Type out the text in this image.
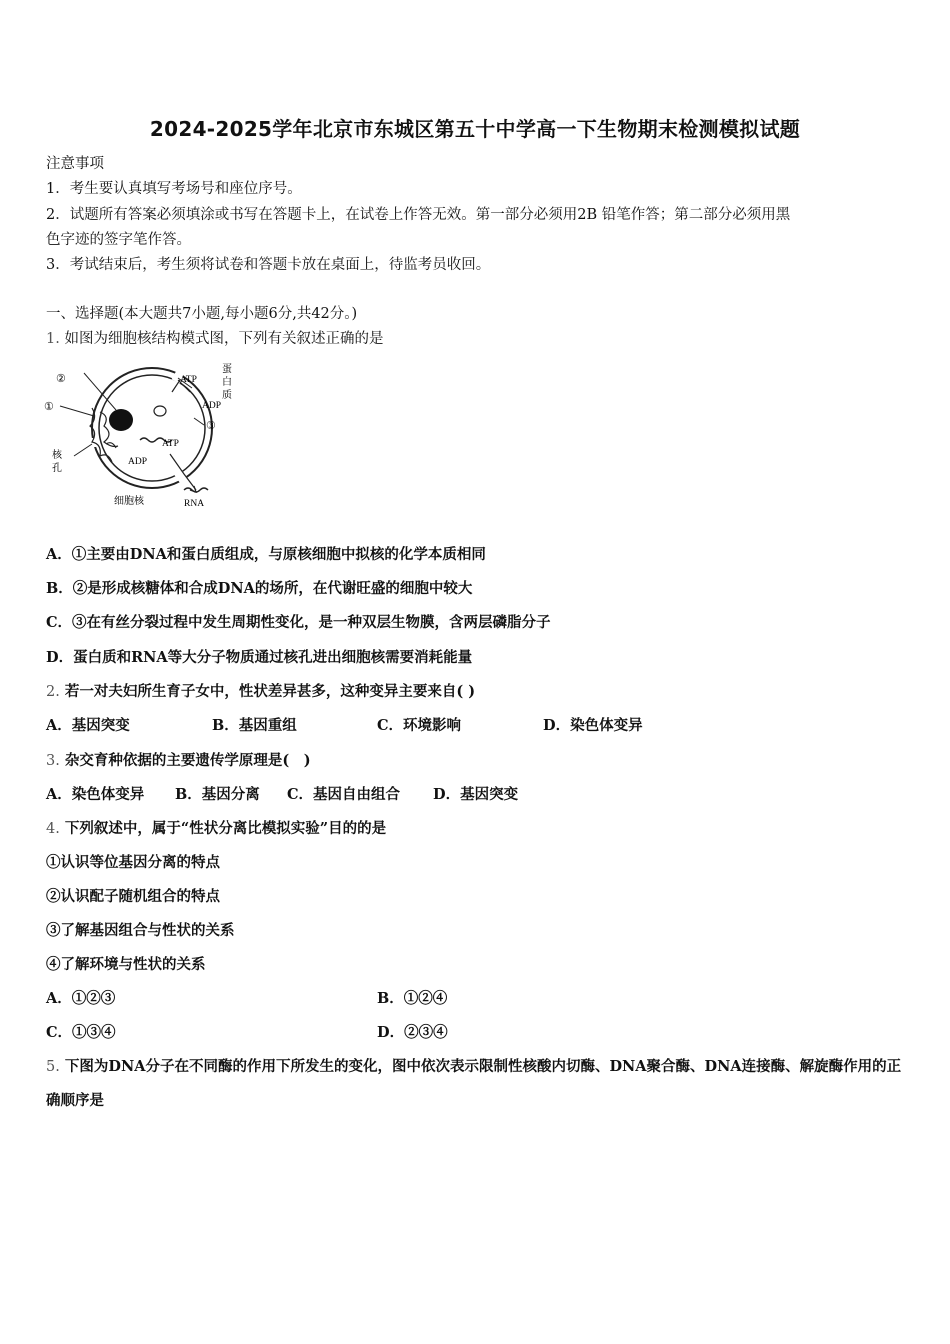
2024-2025学年北京市东城区第五十中学高一下生物期末检测模拟试题
注意事项
1．考生要认真填写考场号和座位序号。
2．试题所有答案必须填涂或书写在答题卡上，在试卷上作答无效。第一部分必须用2B 铅笔作答；第二部分必须用黑
色字迹的签字笔作答。
3．考试结束后，考生须将试卷和答题卡放在桌面上，待监考员收回。
一、选择题(本大题共7小题,每小题6分,共42分。)
1. 如图为细胞核结构模式图，下列有关叙述正确的是
②
①
③
ATP
ADP
蛋
白
质
ATP
ADP
核
孔
细胞核	RNA
A．①主要由DNA和蛋白质组成，与原核细胞中拟核的化学本质相同
B．②是形成核糖体和合成DNA的场所，在代谢旺盛的细胞中较大
C．③在有丝分裂过程中发生周期性变化，是一种双层生物膜，含两层磷脂分子
D．蛋白质和RNA等大分子物质通过核孔进出细胞核需要消耗能量
2. 若一对夫妇所生育子女中，性状差异甚多，这种变异主要来自( )
A．基因突变	B．基因重组	C．环境影响	D．染色体变异
3. 杂交育种依据的主要遗传学原理是(　)
A．染色体变异 B．基因分离 C．基因自由组合 D．基因突变
4. 下列叙述中，属于“性状分离比模拟实验”目的的是
①认识等位基因分离的特点
②认识配子随机组合的特点
③了解基因组合与性状的关系
④了解环境与性状的关系
A．①②③	B．①②④
C．①③④	D．②③④
5. 下图为DNA分子在不同酶的作用下所发生的变化，图中依次表示限制性核酸内切酶、DNA聚合酶、DNA连接酶、解旋酶作用的正确顺序是
